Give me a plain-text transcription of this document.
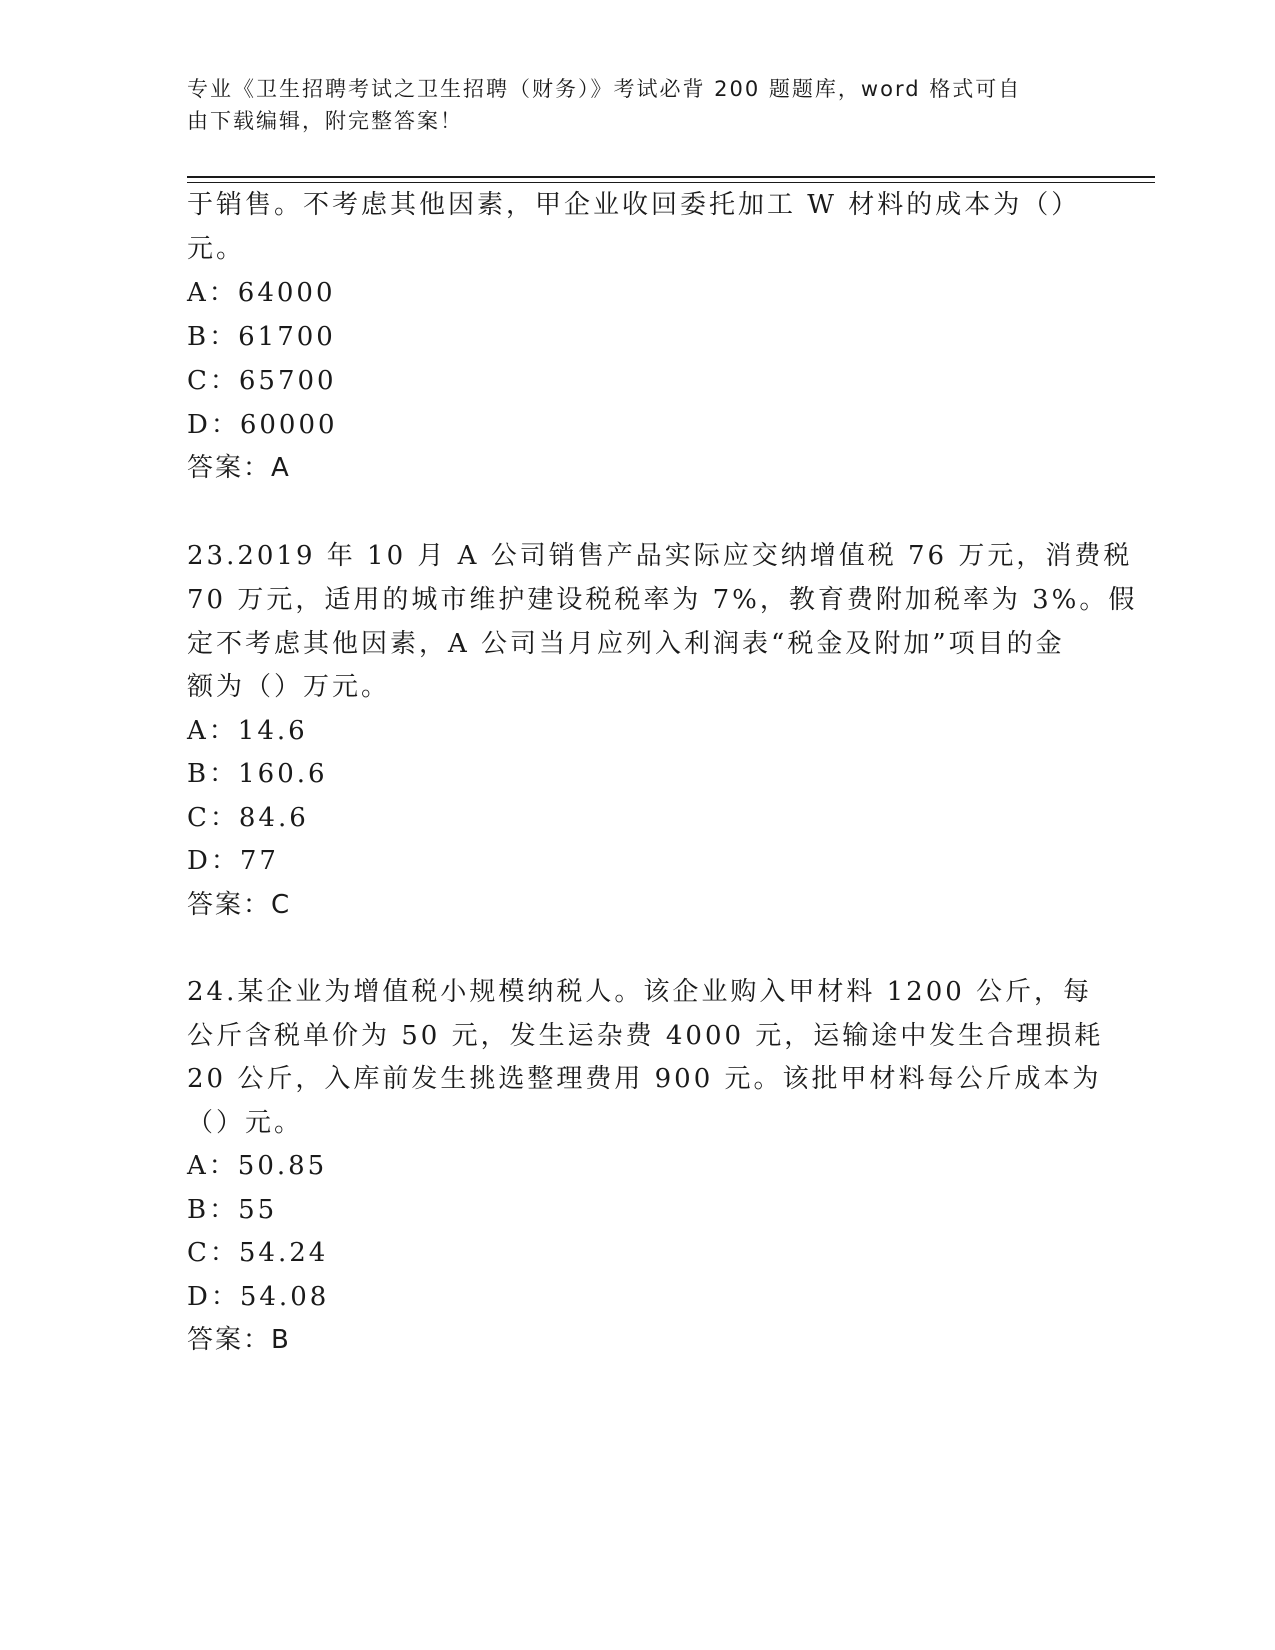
专业《卫生招聘考试之卫生招聘（财务）》考试必背 200 题题库，word 格式可自
由下载编辑，附完整答案！
于销售。不考虑其他因素，甲企业收回委托加工 W 材料的成本为（）
元。
A：64000
B：61700
C：65700
D：60000
答案：A
23.2019 年 10 月 A 公司销售产品实际应交纳增值税 76 万元，消费税
70 万元，适用的城市维护建设税税率为 7%，教育费附加税率为 3%。假
定不考虑其他因素，A 公司当月应列入利润表“税金及附加”项目的金
额为（）万元。
A：14.6
B：160.6
C：84.6
D：77
答案：C
24.某企业为增值税小规模纳税人。该企业购入甲材料 1200 公斤，每
公斤含税单价为 50 元，发生运杂费 4000 元，运输途中发生合理损耗
20 公斤，入库前发生挑选整理费用 900 元。该批甲材料每公斤成本为
（）元。
A：50.85
B：55
C：54.24
D：54.08
答案：B
